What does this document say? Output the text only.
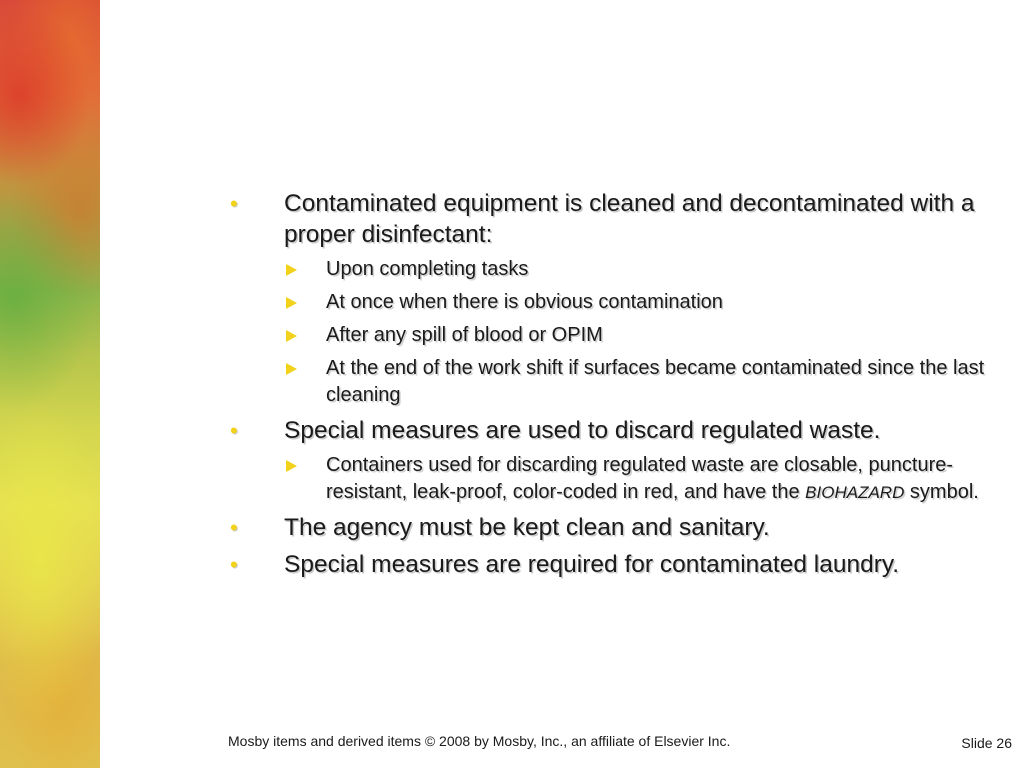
• Contaminated equipment is cleaned and decontaminated with a proper disinfectant:
Upon completing tasks
At once when there is obvious contamination
After any spill of blood or OPIM
At the end of the work shift if surfaces became contaminated since the last cleaning
• Special measures are used to discard regulated waste.
Containers used for discarding regulated waste are closable, puncture-resistant, leak-proof, color-coded in red, and have the BIOHAZARD symbol.
• The agency must be kept clean and sanitary.
• Special measures are required for contaminated laundry.
Mosby items and derived items © 2008 by Mosby, Inc., an affiliate of Elsevier Inc.	Slide 26
